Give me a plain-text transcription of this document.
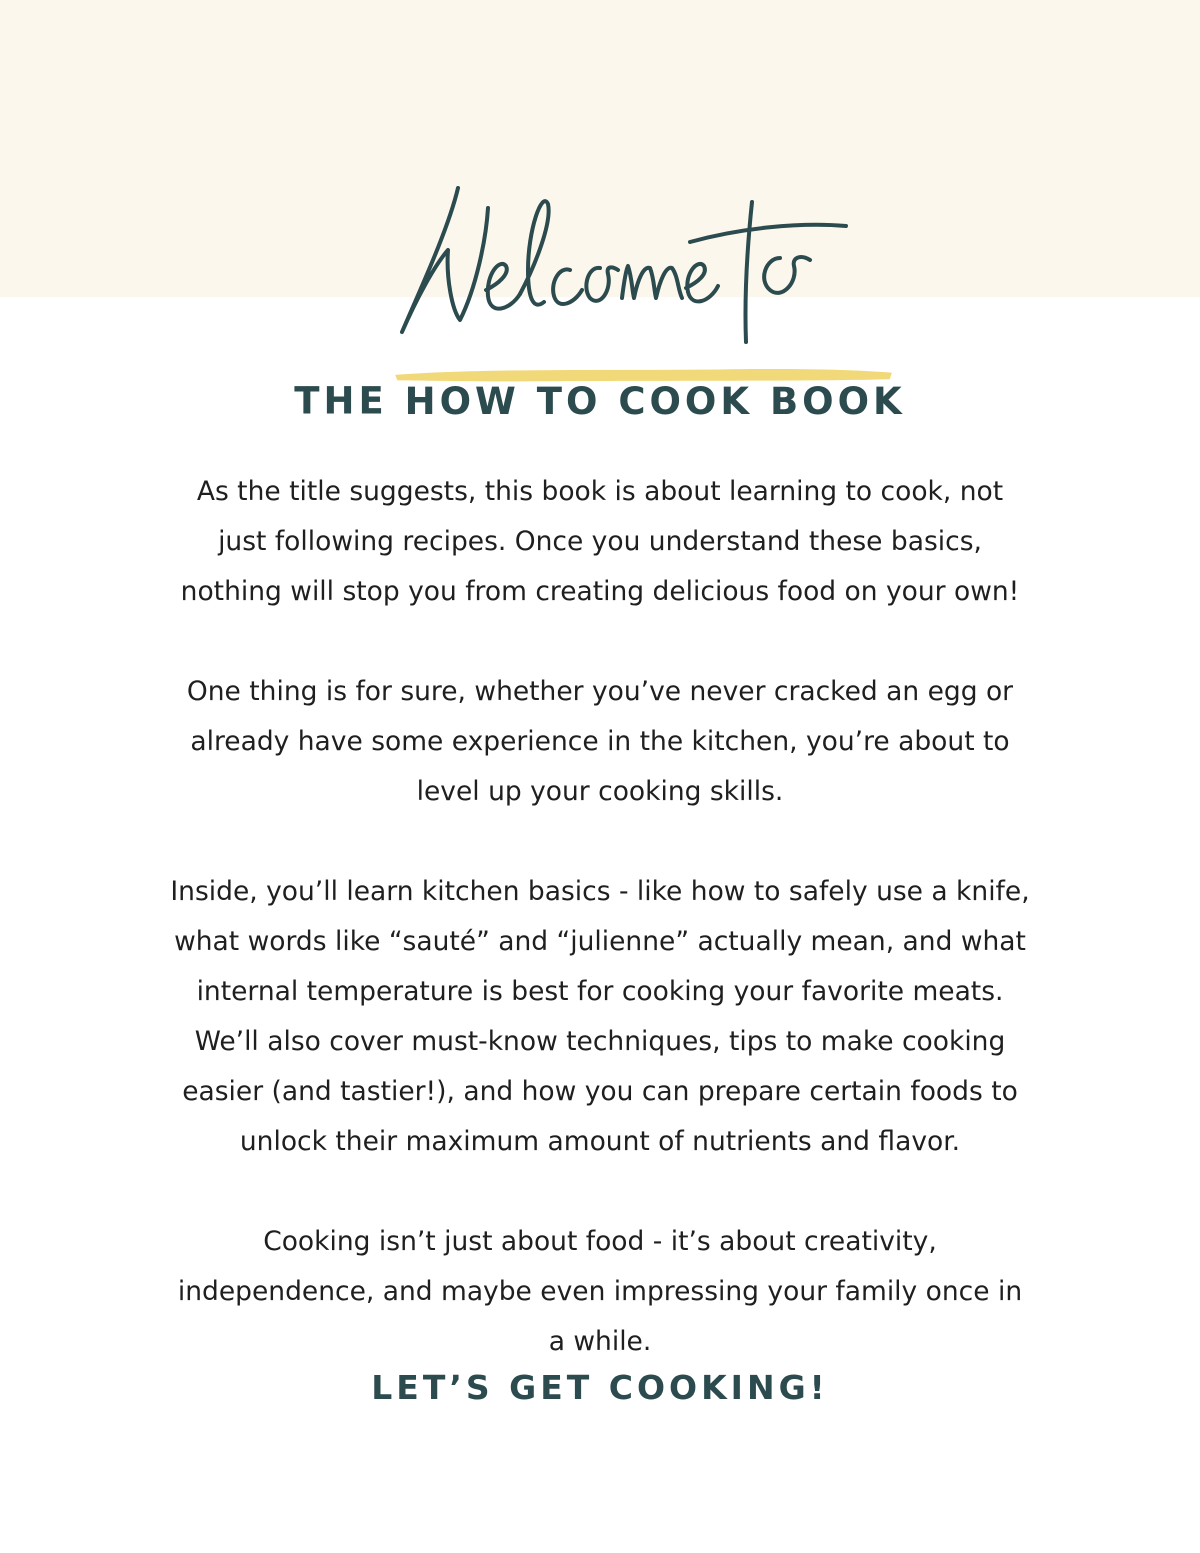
THE HOW TO COOK BOOK

As the title suggests, this book is about learning to cook, not just following recipes. Once you understand these basics, nothing will stop you from creating delicious food on your own!

One thing is for sure, whether you’ve never cracked an egg or already have some experience in the kitchen, you’re about to level up your cooking skills.

Inside, you’ll learn kitchen basics - like how to safely use a knife, what words like “sauté” and “julienne” actually mean, and what internal temperature is best for cooking your favorite meats. We’ll also cover must-know techniques, tips to make cooking easier (and tastier!), and how you can prepare certain foods to unlock their maximum amount of nutrients and flavor.

Cooking isn’t just about food - it’s about creativity, independence, and maybe even impressing your family once in a while.

LET’S GET COOKING!
